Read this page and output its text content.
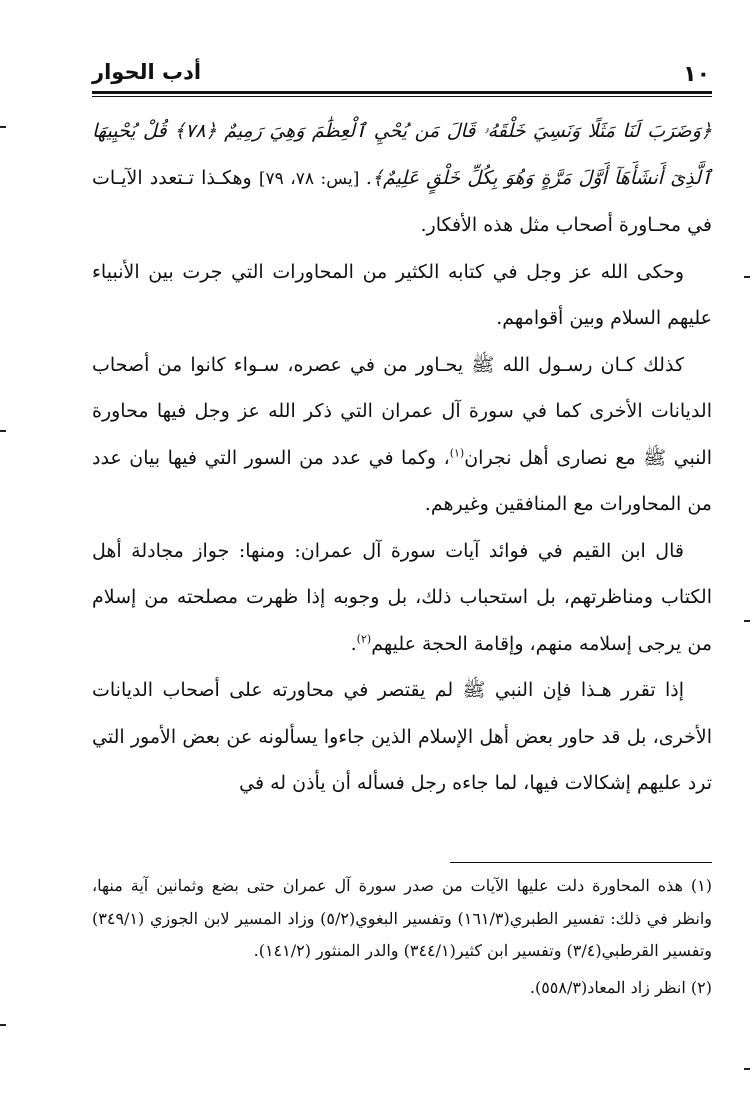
١٠
أدب الحوار

﴿وَضَرَبَ لَنَا مَثَلًا وَنَسِيَ خَلْقَهُۥ قَالَ مَن يُحْيِ ٱلْعِظَٰمَ وَهِيَ رَمِيمٌ ﴿٧٨﴾ قُلْ يُحْيِيهَا ٱلَّذِىٓ أَنشَأَهَآ أَوَّلَ مَرَّةٍ وَهُوَ بِكُلِّ خَلْقٍ عَلِيمٌ﴾. [يس: ٧٨، ٧٩] وهكـذا تـتعدد الآيـات في محـاورة أصحاب مثل هذه الأفكار.

وحكى الله عز وجل في كتابه الكثير من المحاورات التي جرت بين الأنبياء عليهم السلام وبين أقوامهم.

كذلك كـان رسـول الله ﷺ يحـاور من في عصره، سـواء كانوا من أصحاب الديانات الأخرى كما في سورة آل عمران التي ذكر الله عز وجل فيها محاورة النبي ﷺ مع نصارى أهل نجران$^{(١)}$، وكما في عدد من السور التي فيها بيان عدد من المحاورات مع المنافقين وغيرهم.

قال ابن القيم في فوائد آيات سورة آل عمران: ومنها: جواز مجادلة أهل الكتاب ومناظرتهم، بل استحباب ذلك، بل وجوبه إذا ظهرت مصلحته من إسلام من يرجى إسلامه منهم، وإقامة الحجة عليهم$^{(٢)}$.

إذا تقرر هـذا فإن النبي ﷺ لم يقتصر في محاورته على أصحاب الديانات الأخرى، بل قد حاور بعض أهل الإسلام الذين جاءوا يسألونه عن بعض الأمور التي ترد عليهم إشكالات فيها، لما جاءه رجل فسأله أن يأذن له في

(١) هذه المحاورة دلت عليها الآيات من صدر سورة آل عمران حتى بضع وثمانين آية منها، وانظر في ذلك: تفسير الطبري(١٦١/٣) وتفسير البغوي(٥/٢) وزاد المسير لابن الجوزي (٣٤٩/١) وتفسير القرطبي(٣/٤) وتفسير ابن كثير(٣٤٤/١) والدر المنثور (١٤١/٢).

(٢) انظر زاد المعاد(٥٥٨/٣).
